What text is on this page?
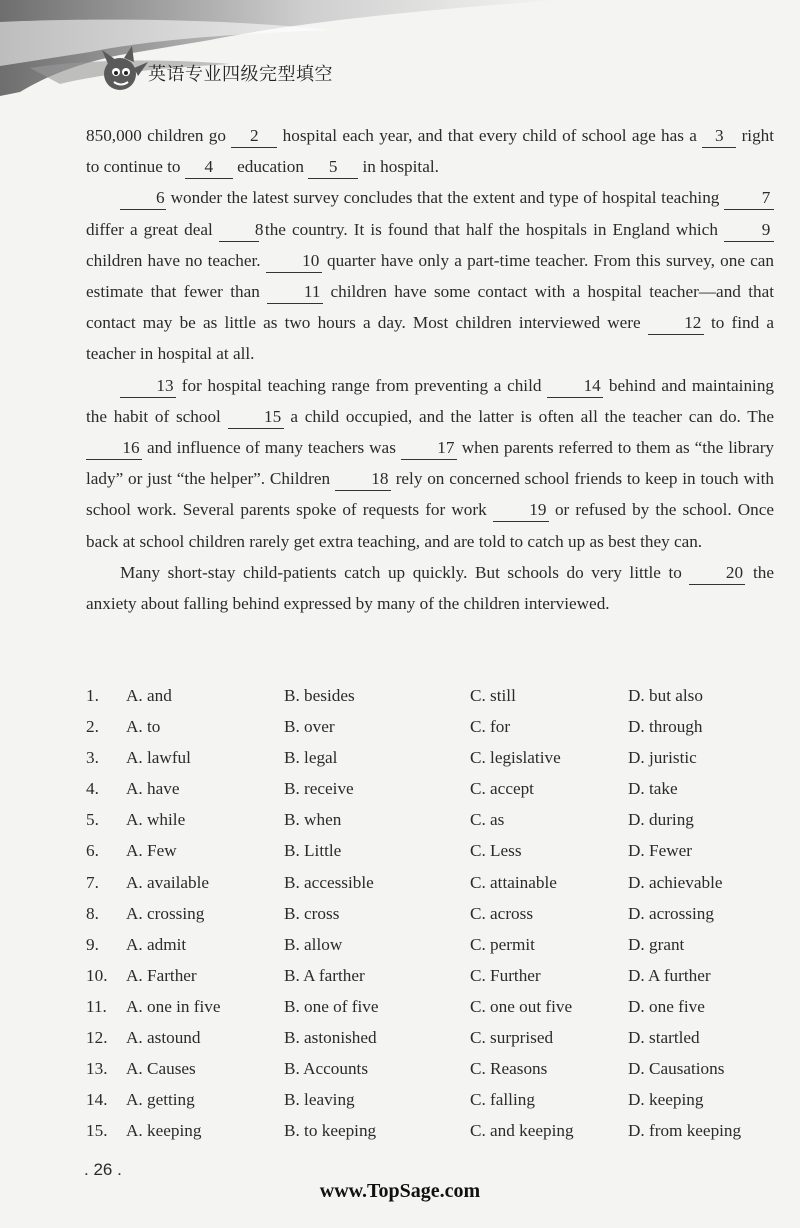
英语专业四级完型填空

850,000 children go 2 hospital each year, and that every child of school age has a 3 right to continue to 4 education 5 in hospital.

6 wonder the latest survey concludes that the extent and type of hospital teaching 7 differ a great deal 8 the country. It is found that half the hospitals in England which	9 children have no teacher. 10 quarter have only a part-time teacher. From this survey, one can estimate that fewer than	11 children have some contact with a hospital teacher—and that contact may be as little as two hours a day. Most children interviewed were	12 to find a teacher in hospital at all.

13 for hospital teaching range from preventing a child 14 behind and maintaining the habit of school	15 a child occupied, and the latter is often all the teacher can do. The 16 and influence of many teachers was 17 when parents referred to them as “the library lady” or just “the helper”. Children 18 rely on concerned school friends to keep in touch with school work. Several parents spoke of requests for work 19 or refused by the school. Once back at school children rarely get extra teaching, and are told to catch up as best they can.

Many short-stay child-patients catch up quickly. But schools do very little to	20 the anxiety about falling behind expressed by many of the children interviewed.

1. A. and	B. besides	C. still	D. but also
2. A. to	B. over	C. for	D. through
3. A. lawful	B. legal	C. legislative	D. juristic
4. A. have	B. receive	C. accept	D. take
5. A. while	B. when	C. as	D. during
6. A. Few	B. Little	C. Less	D. Fewer
7. A. available	B. accessible	C. attainable	D. achievable
8. A. crossing	B. cross	C. across	D. acrossing
9. A. admit	B. allow	C. permit	D. grant
10. A. Farther	B. A farther	C. Further	D. A further
11. A. one in five	B. one of five	C. one out five	D. one five
12. A. astound	B. astonished	C. surprised	D. startled
13. A. Causes	B. Accounts	C. Reasons	D. Causations
14. A. getting	B. leaving	C. falling	D. keeping
15. A. keeping	B. to keeping	C. and keeping	D. from keeping
. 26 .
www.TopSage.com
